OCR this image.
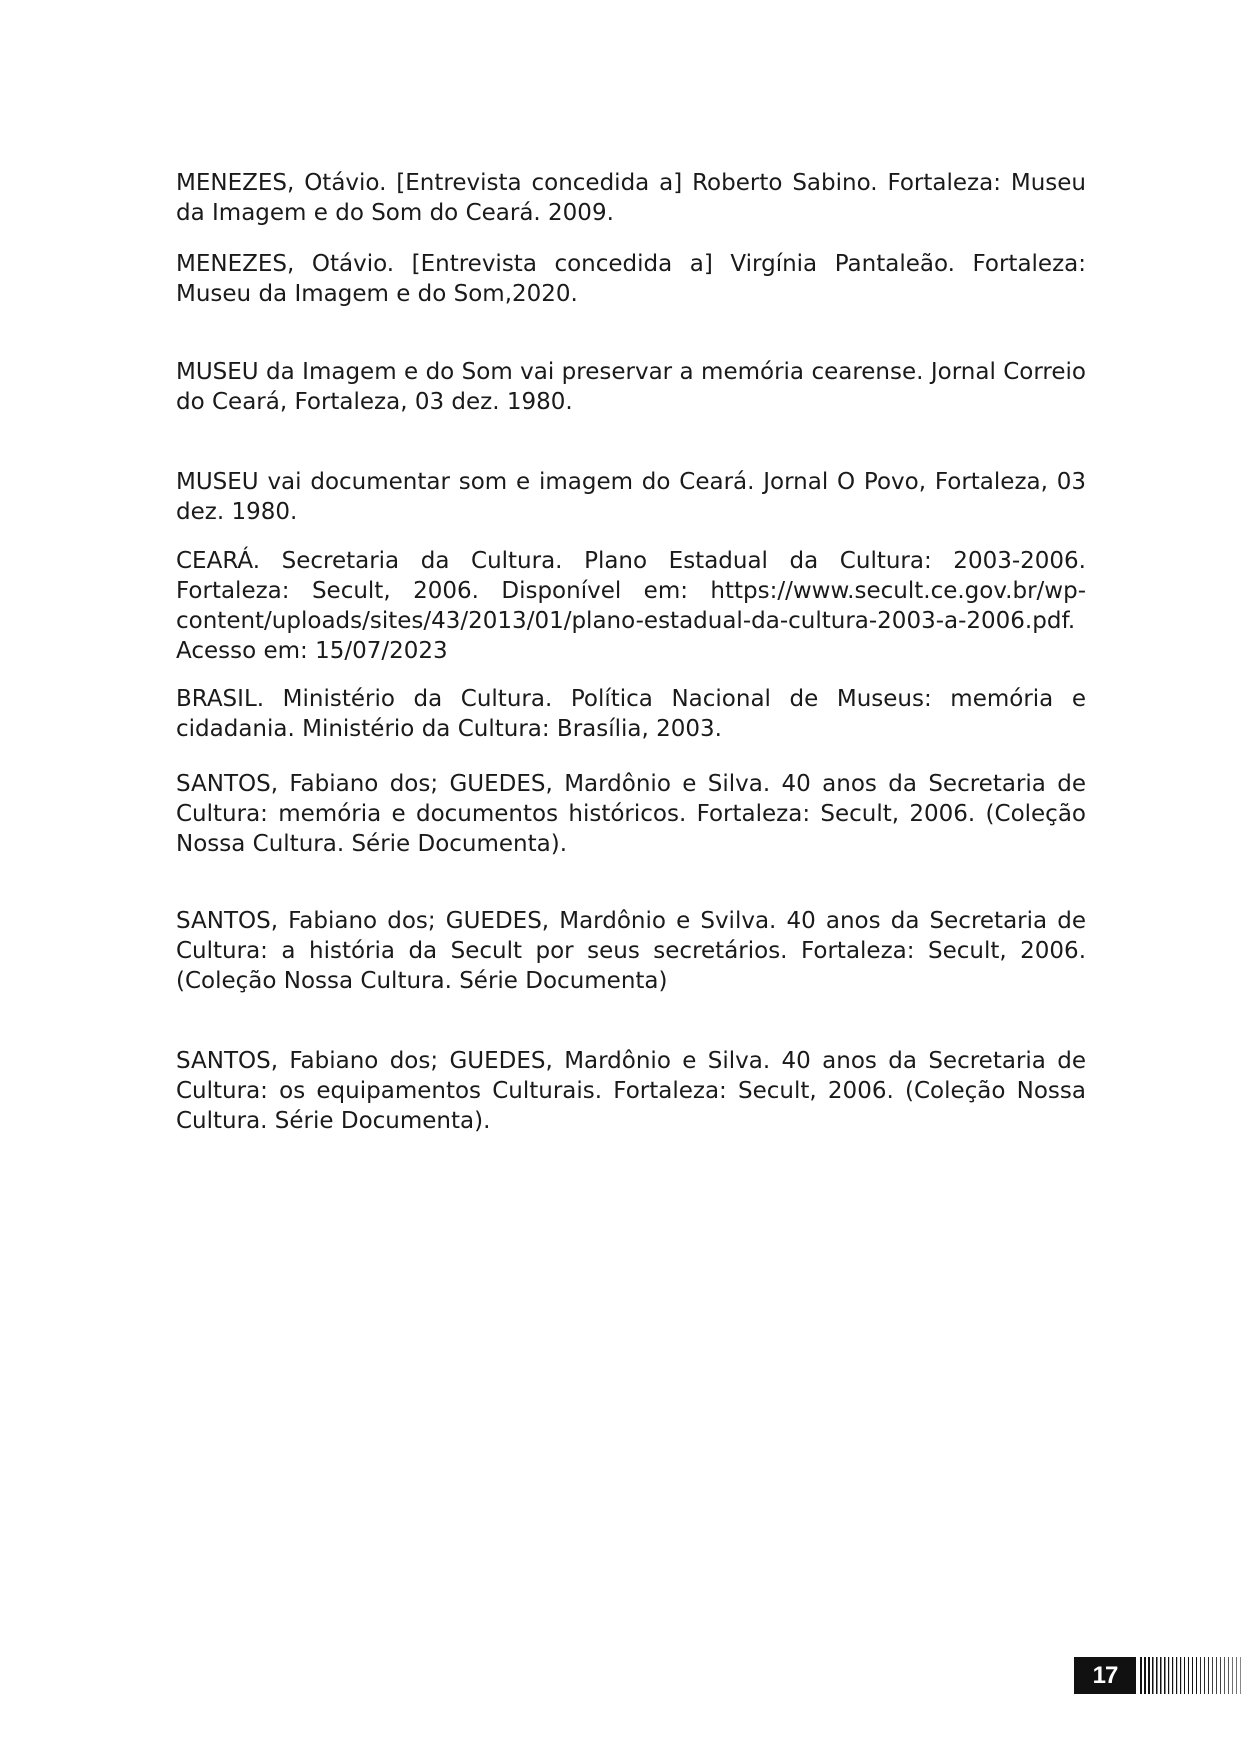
MENEZES, Otávio. [Entrevista concedida a] Roberto Sabino. Fortaleza: Museu da Imagem e do Som do Ceará. 2009.

MENEZES, Otávio. [Entrevista concedida a] Virgínia Pantaleão. Fortaleza: Museu da Imagem e do Som,2020.

MUSEU da Imagem e do Som vai preservar a memória cearense. Jornal Correio do Ceará, Fortaleza, 03 dez. 1980.

MUSEU vai documentar som e imagem do Ceará. Jornal O Povo, Fortaleza, 03 dez. 1980.

CEARÁ. Secretaria da Cultura. Plano Estadual da Cultura: 2003-2006. Fortaleza: Secult, 2006. Disponível em: https://www.secult.ce.gov.br/wp-content/uploads/sites/43/2013/01/plano-estadual-da-cultura-2003-a-2006.pdf. Acesso em: 15/07/2023

BRASIL. Ministério da Cultura. Política Nacional de Museus: memória e cidadania. Ministério da Cultura: Brasília, 2003.

SANTOS, Fabiano dos; GUEDES, Mardônio e Silva. 40 anos da Secretaria de Cultura: memória e documentos históricos. Fortaleza: Secult, 2006. (Coleção Nossa Cultura. Série Documenta).

SANTOS, Fabiano dos; GUEDES, Mardônio e Svilva. 40 anos da Secretaria de Cultura: a história da Secult por seus secretários. Fortaleza: Secult, 2006. (Coleção Nossa Cultura. Série Documenta)

SANTOS, Fabiano dos; GUEDES, Mardônio e Silva. 40 anos da Secretaria de Cultura: os equipamentos Culturais. Fortaleza: Secult, 2006. (Coleção Nossa Cultura. Série Documenta).

17
